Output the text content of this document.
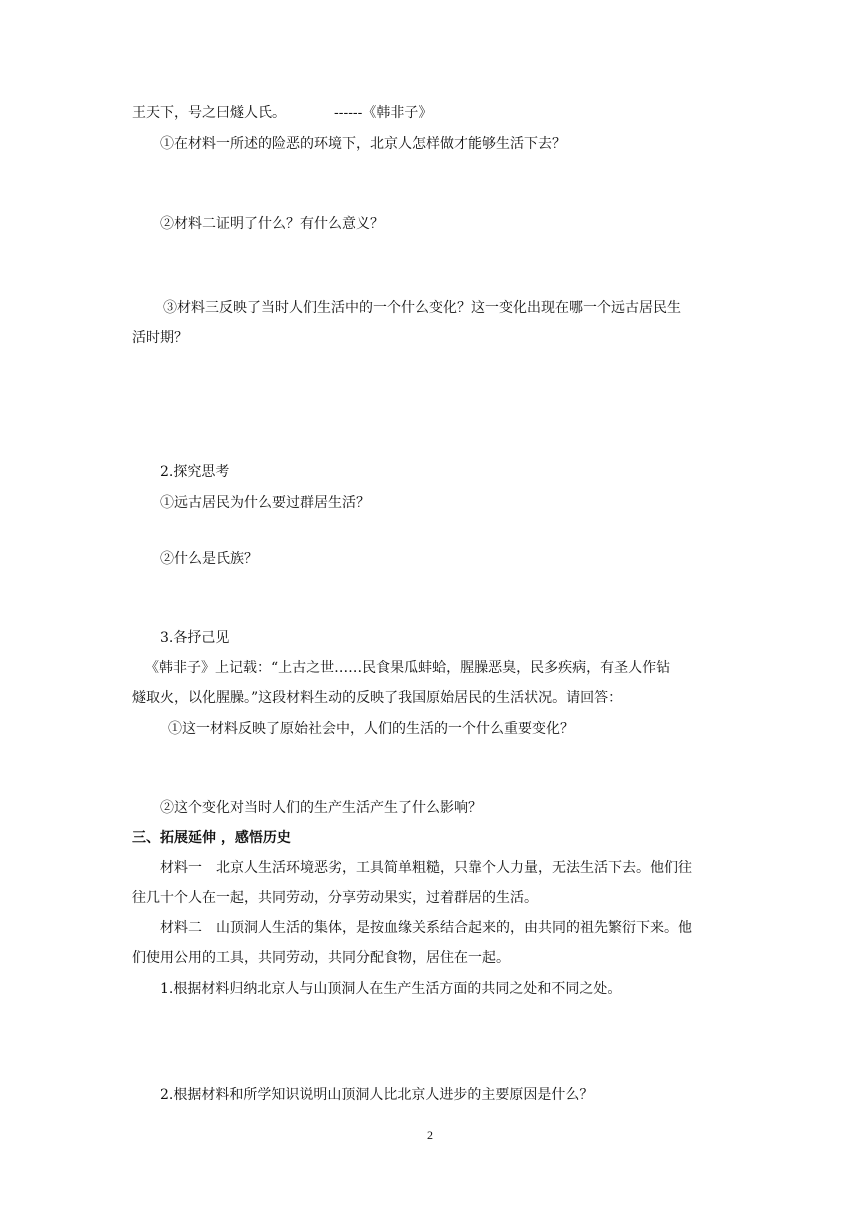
王天下，号之曰燧人氏。	------《韩非子》
①在材料一所述的险恶的环境下，北京人怎样做才能够生活下去？
②材料二证明了什么？有什么意义？
③材料三反映了当时人们生活中的一个什么变化？这一变化出现在哪一个远古居民生
活时期？
2.探究思考
①远古居民为什么要过群居生活？
②什么是氏族？
3.各抒己见
《韩非子》上记载：“上古之世……民食果瓜蚌蛤，腥臊恶臭，民多疾病，有圣人作钻
燧取火，以化腥臊。”这段材料生动的反映了我国原始居民的生活状况。请回答：
①这一材料反映了原始社会中，人们的生活的一个什么重要变化？
②这个变化对当时人们的生产生活产生了什么影响？
三、拓展延伸 ，感悟历史
材料一　北京人生活环境恶劣，工具简单粗糙，只靠个人力量，无法生活下去。他们往
往几十个人在一起，共同劳动，分享劳动果实，过着群居的生活。
材料二　山顶洞人生活的集体，是按血缘关系结合起来的，由共同的祖先繁衍下来。他
们使用公用的工具，共同劳动，共同分配食物，居住在一起。
1.根据材料归纳北京人与山顶洞人在生产生活方面的共同之处和不同之处。
2.根据材料和所学知识说明山顶洞人比北京人进步的主要原因是什么？
2
